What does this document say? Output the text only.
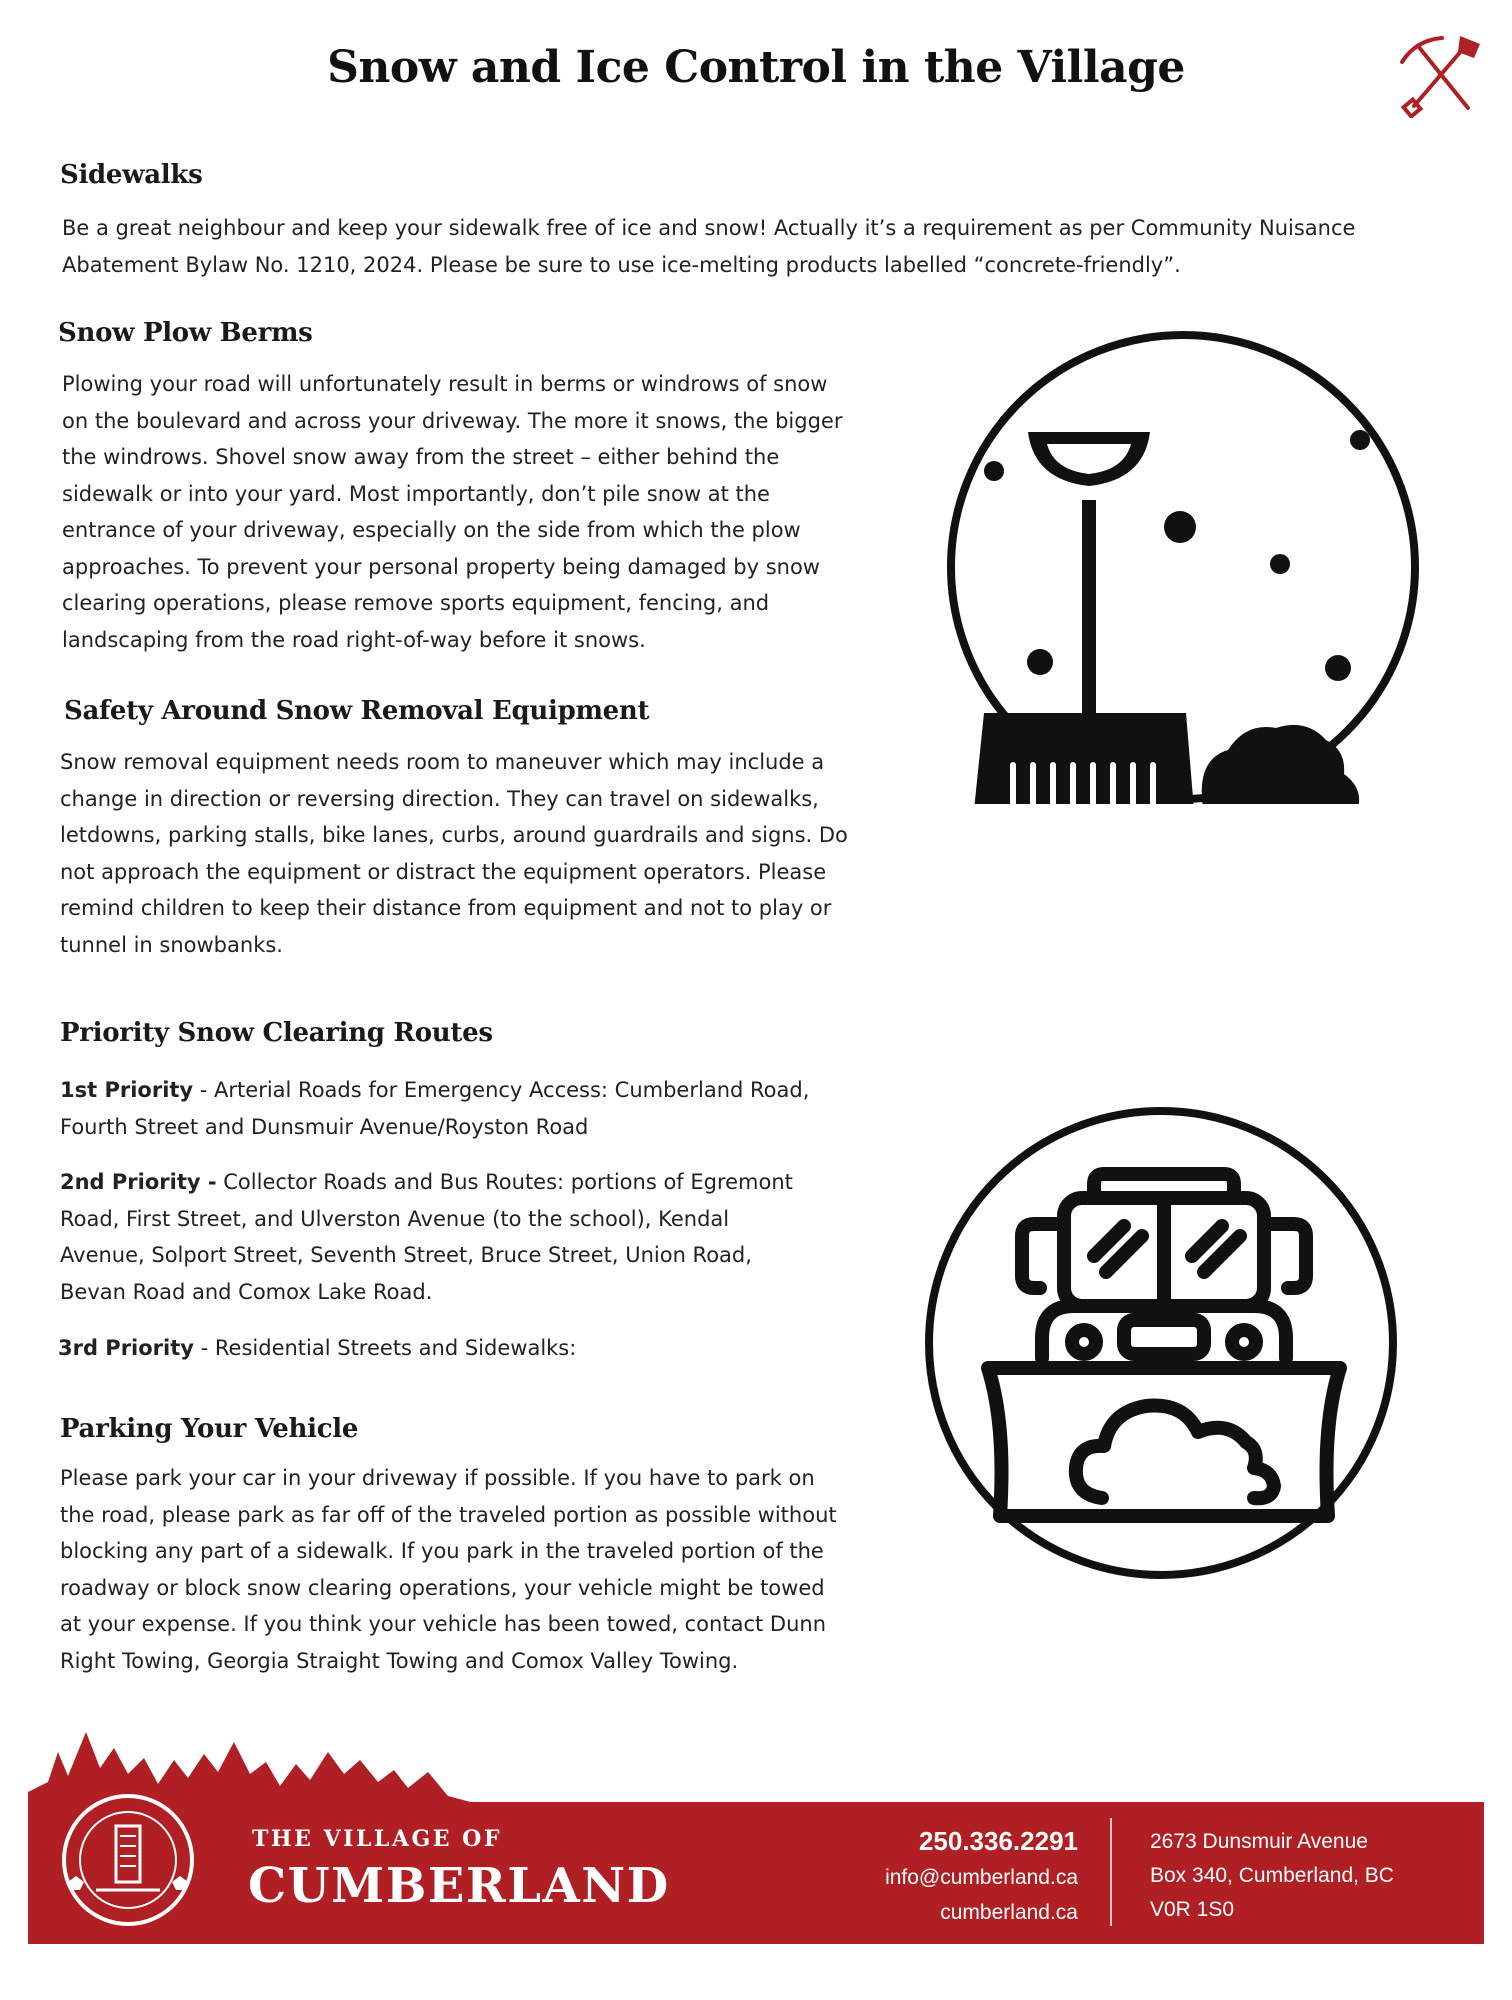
Snow and Ice Control in the Village
Sidewalks

Be a great neighbour and keep your sidewalk free of ice and snow! Actually it’s a requirement as per Community Nuisance
Abatement Bylaw No. 1210, 2024. Please be sure to use ice-melting products labelled “concrete-friendly”.

Snow Plow Berms

Plowing your road will unfortunately result in berms or windrows of snow
on the boulevard and across your driveway. The more it snows, the bigger
the windrows. Shovel snow away from the street – either behind the
sidewalk or into your yard. Most importantly, don’t pile snow at the
entrance of your driveway, especially on the side from which the plow
approaches. To prevent your personal property being damaged by snow
clearing operations, please remove sports equipment, fencing, and
landscaping from the road right-of-way before it snows.

Safety Around Snow Removal Equipment

Snow removal equipment needs room to maneuver which may include a
change in direction or reversing direction. They can travel on sidewalks,
letdowns, parking stalls, bike lanes, curbs, around guardrails and signs. Do
not approach the equipment or distract the equipment operators. Please
remind children to keep their distance from equipment and not to play or
tunnel in snowbanks.

Priority Snow Clearing Routes

1st Priority - Arterial Roads for Emergency Access: Cumberland Road,
Fourth Street and Dunsmuir Avenue/Royston Road

2nd Priority - Collector Roads and Bus Routes: portions of Egremont
Road, First Street, and Ulverston Avenue (to the school), Kendal
Avenue, Solport Street, Seventh Street, Bruce Street, Union Road,
Bevan Road and Comox Lake Road.

3rd Priority - Residential Streets and Sidewalks:

Parking Your Vehicle

Please park your car in your driveway if possible. If you have to park on
the road, please park as far off of the traveled portion as possible without
blocking any part of a sidewalk. If you park in the traveled portion of the
roadway or block snow clearing operations, your vehicle might be towed
at your expense. If you think your vehicle has been towed, contact Dunn
Right Towing, Georgia Straight Towing and Comox Valley Towing.

THE VILLAGE OF
CUMBERLAND
250.336.2291
info@cumberland.ca
cumberland.ca
2673 Dunsmuir Avenue
Box 340, Cumberland, BC
V0R 1S0
